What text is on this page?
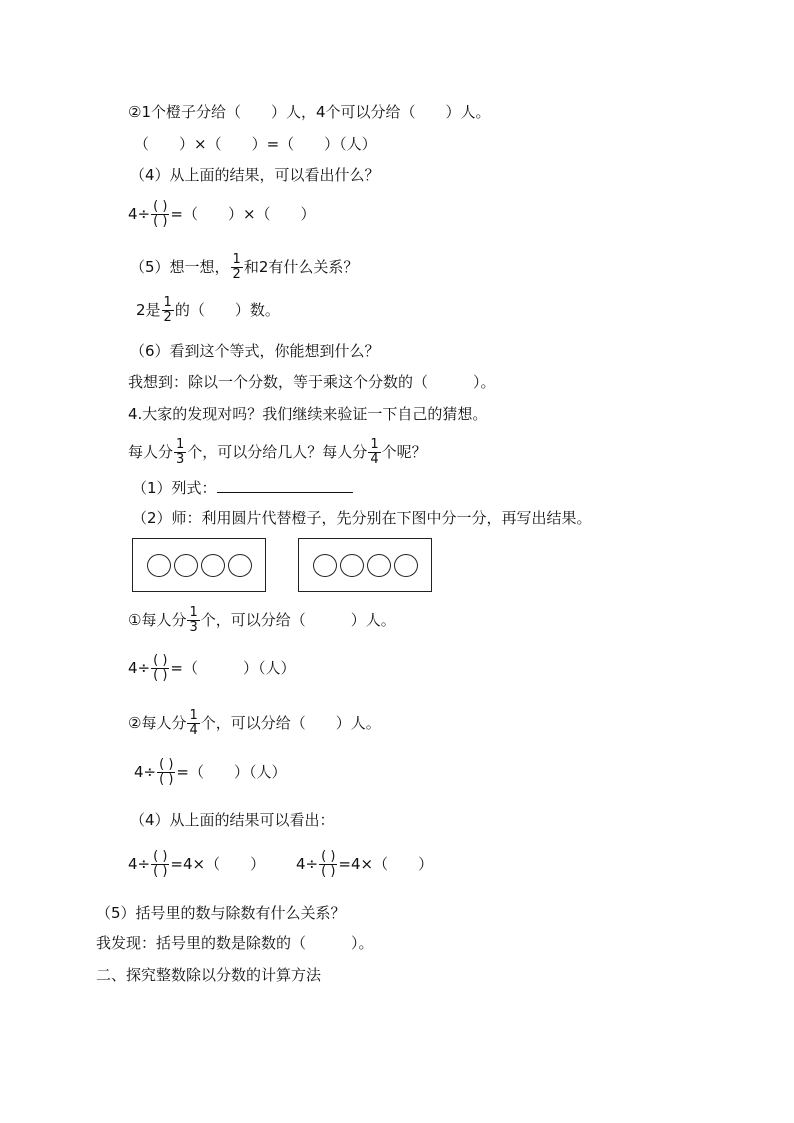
②1个橙子分给（　　）人，4个可以分给（　　）人。
（　　）×（　　）=（　　）（人）
（4）从上面的结果，可以看出什么？
$4\div \frac{( )}{( )}$ =（　　）×（　　）
（5）想一想， $\frac{1}{2}$ 和2有什么关系？
2是 $\frac{1}{2}$ 的（　　）数。
（6）看到这个等式，你能想到什么？
我想到：除以一个分数，等于乘这个分数的（　　　）。
4.大家的发现对吗？我们继续来验证一下自己的猜想。
每人分 $\frac{1}{3}$ 个，可以分给几人？每人分 $\frac{1}{4}$ 个呢？
（1）列式：
（2）师：利用圆片代替橙子，先分别在下图中分一分，再写出结果。
①每人分 $\frac{1}{3}$ 个，可以分给（　　　）人。
$4\div \frac{( )}{( )}$ =（　　　）（人）
②每人分 $\frac{1}{4}$ 个，可以分给（　　）人。
$4\div \frac{( )}{( )}$ =（　　）（人）
（4）从上面的结果可以看出：
$4\div \frac{( )}{( )} =4\times$（　　） $4\div \frac{( )}{( )} =4\times$（　　）
（5）括号里的数与除数有什么关系？
我发现：括号里的数是除数的（　　　）。
二、探究整数除以分数的计算方法
